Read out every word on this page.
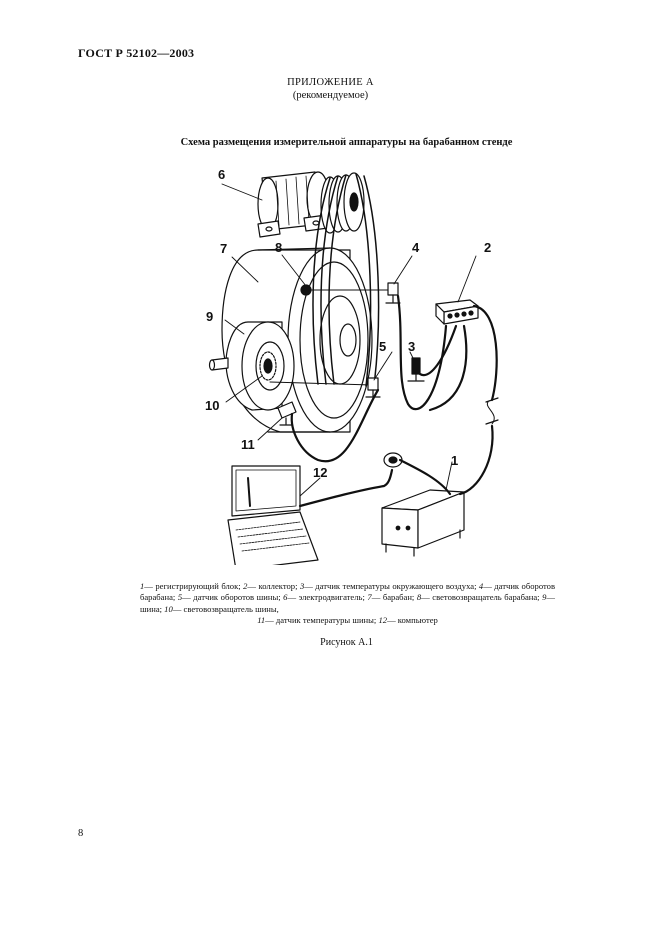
ГОСТ Р 52102—2003
ПРИЛОЖЕНИЕ А
(рекомендуемое)
Схема размещения измерительной аппаратуры на барабанном стенде
6
7	8	4	2
9
5 3
10
11
12
1
1— регистрирующий блок; 2— коллектор; 3— датчик температуры окружающего воздуха; 4— датчик оборотов барабана; 5— датчик оборотов шины; 6— электродвигатель; 7— барабан; 8— световозвращатель барабана; 9— шина; 10— световозвращатель шины,
11— датчик температуры шины; 12— компьютер
Рисунок А.1
8
